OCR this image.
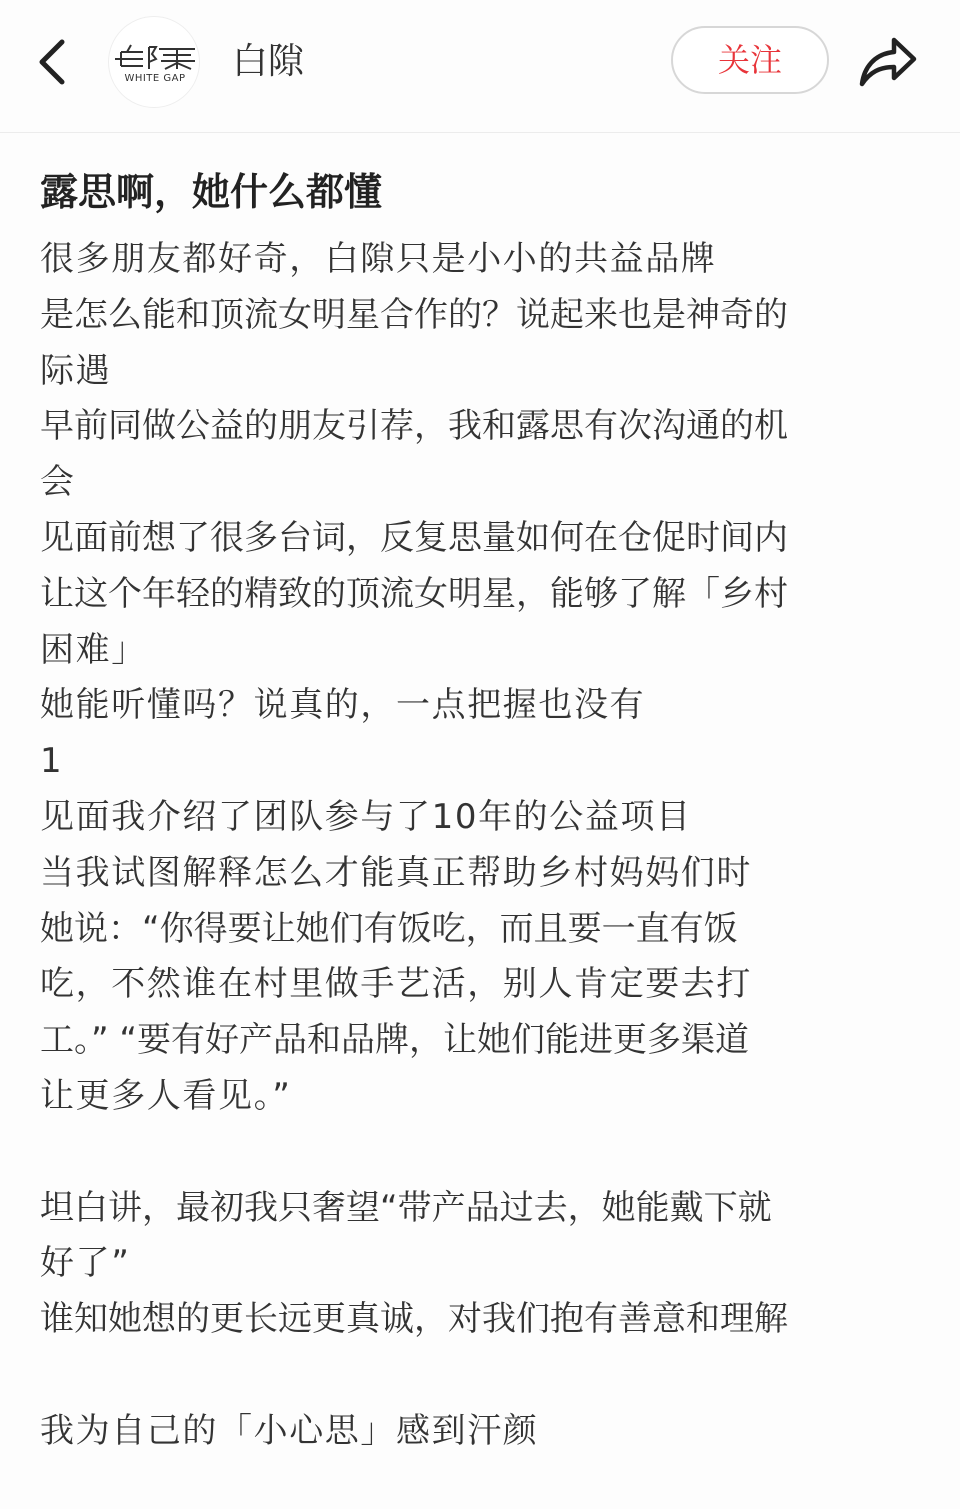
WHITE GAP 白隙	关注
露思啊，她什么都懂
很多朋友都好奇，白隙只是小小的共益品牌
是怎么能和顶流女明星合作的？说起来也是神奇的
际遇
早前同做公益的朋友引荐，我和露思有次沟通的机
会
见面前想了很多台词，反复思量如何在仓促时间内
让这个年轻的精致的顶流女明星，能够了解「乡村
困难」
她能听懂吗？说真的，一点把握也没有
1
见面我介绍了团队参与了10年的公益项目
当我试图解释怎么才能真正帮助乡村妈妈们时
她说：“你得要让她们有饭吃，而且要一直有饭
吃，不然谁在村里做手艺活，别人肯定要去打
工。” “要有好产品和品牌，让她们能进更多渠道
让更多人看见。”
坦白讲，最初我只奢望“带产品过去，她能戴下就
好了”
谁知她想的更长远更真诚，对我们抱有善意和理解
我为自己的「小心思」感到汗颜
